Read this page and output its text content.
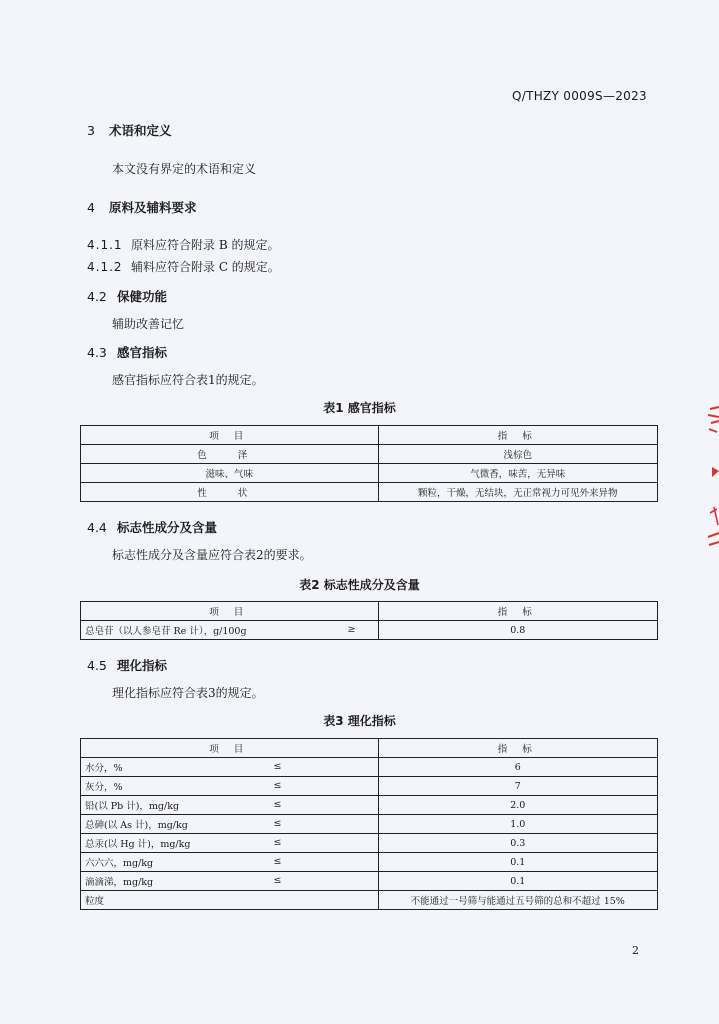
Q/THZY 0009S—2023
3 术语和定义
本文没有界定的术语和定义
4 原料及辅料要求
4.1.1 原料应符合附录 B 的规定。
4.1.2 辅料应符合附录 C 的规定。
4.2 保健功能
辅助改善记忆
4.3 感官指标
感官指标应符合表1的规定。
表1 感官指标
项 目	指 标
色 泽	浅棕色
滋味、气味	气微香，味苦，无异味
性 状	颗粒，干燥，无结块，无正常视力可见外来异物
4.4 标志性成分及含量
标志性成分及含量应符合表2的要求。
表2 标志性成分及含量
项 目	指 标
总皂苷（以人参皂苷 Re 计），g/100g ≥	0.8
4.5 理化指标
理化指标应符合表3的规定。
表3 理化指标
项 目	指 标
水分，% ≤	6
灰分，% ≤	7
铅(以 Pb 计)，mg/kg ≤	2.0
总砷(以 As 计)，mg/kg ≤	1.0
总汞(以 Hg 计)，mg/kg ≤	0.3
六六六，mg/kg ≤	0.1
滴滴涕，mg/kg ≤	0.1
粒度	不能通过一号筛与能通过五号筛的总和不超过 15%
2
